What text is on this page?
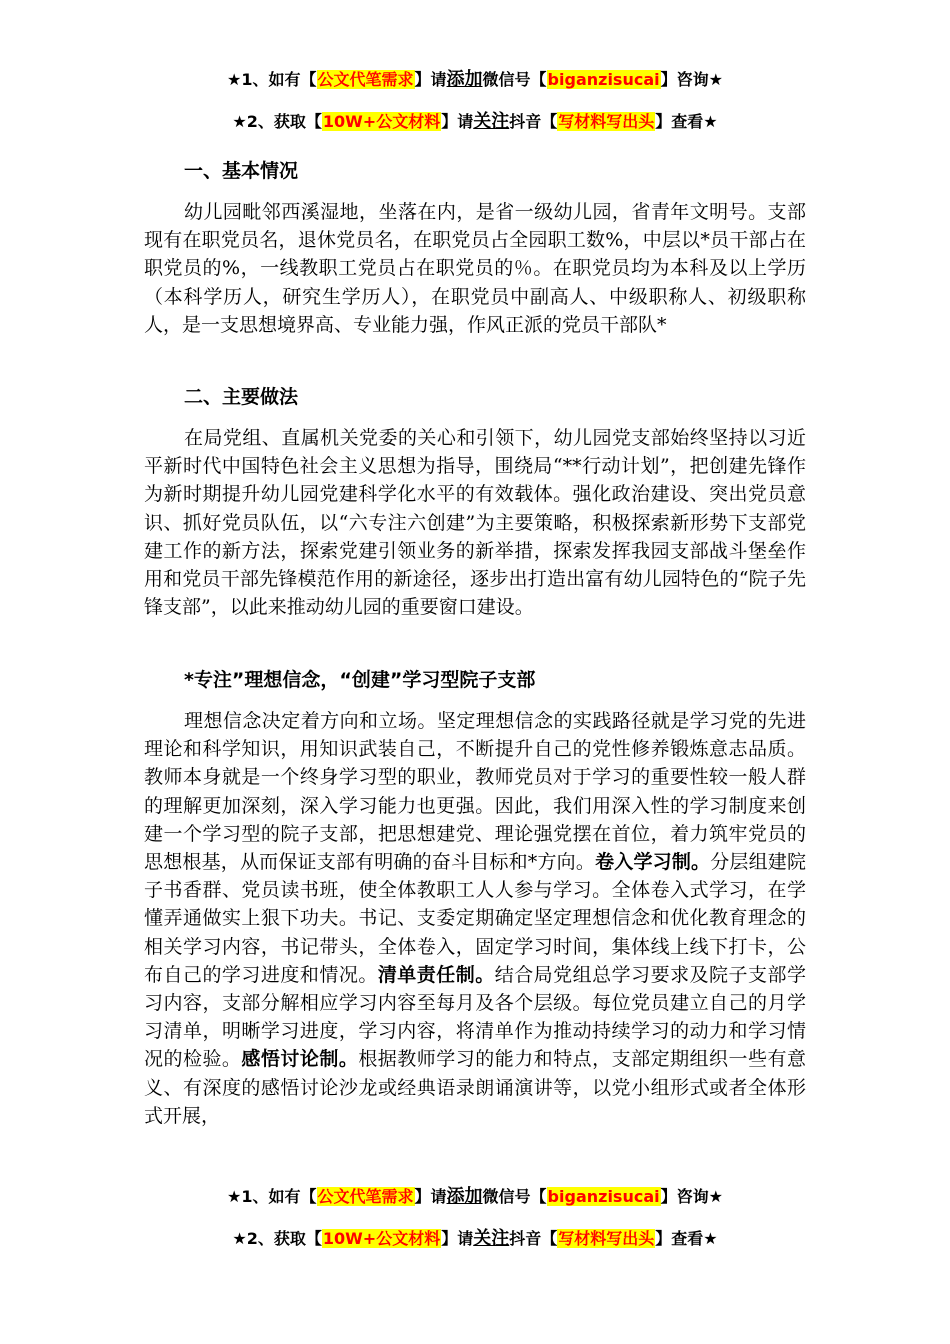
★1、如有【公文代笔需求】请添加微信号【biganzisucai】咨询★
★2、获取【10W+公文材料】请关注抖音【写材料写出头】查看★
一、基本情况
幼儿园毗邻西溪湿地，坐落在内，是省一级幼儿园，省青年文明号。支部现有在职党员名，退休党员名，在职党员占全园职工数%，中层以*员干部占在职党员的%，一线教职工党员占在职党员的％。在职党员均为本科及以上学历（本科学历人，研究生学历人），在职党员中副高人、中级职称人、初级职称人，是一支思想境界高、专业能力强，作风正派的党员干部队*
二、主要做法
在局党组、直属机关党委的关心和引领下，幼儿园党支部始终坚持以习近平新时代中国特色社会主义思想为指导，围绕局“**行动计划”，把创建先锋作为新时期提升幼儿园党建科学化水平的有效载体。强化政治建设、突出党员意识、抓好党员队伍，以“六专注六创建”为主要策略，积极探索新形势下支部党建工作的新方法，探索党建引领业务的新举措，探索发挥我园支部战斗堡垒作用和党员干部先锋模范作用的新途径，逐步出打造出富有幼儿园特色的“院子先锋支部”，以此来推动幼儿园的重要窗口建设。
*专注”理想信念，“创建”学习型院子支部
理想信念决定着方向和立场。坚定理想信念的实践路径就是学习党的先进理论和科学知识，用知识武装自己，不断提升自己的党性修养锻炼意志品质。教师本身就是一个终身学习型的职业，教师党员对于学习的重要性较一般人群的理解更加深刻，深入学习能力也更强。因此，我们用深入性的学习制度来创建一个学习型的院子支部，把思想建党、理论强党摆在首位，着力筑牢党员的思想根基，从而保证支部有明确的奋斗目标和*方向。卷入学习制。分层组建院子书香群、党员读书班，使全体教职工人人参与学习。全体卷入式学习，在学懂弄通做实上狠下功夫。书记、支委定期确定坚定理想信念和优化教育理念的相关学习内容，书记带头，全体卷入，固定学习时间，集体线上线下打卡，公布自己的学习进度和情况。清单责任制。结合局党组总学习要求及院子支部学习内容，支部分解相应学习内容至每月及各个层级。每位党员建立自己的月学习清单，明晰学习进度，学习内容，将清单作为推动持续学习的动力和学习情况的检验。感悟讨论制。根据教师学习的能力和特点，支部定期组织一些有意义、有深度的感悟讨论沙龙或经典语录朗诵演讲等，以党小组形式或者全体形式开展，
★1、如有【公文代笔需求】请添加微信号【biganzisucai】咨询★
★2、获取【10W+公文材料】请关注抖音【写材料写出头】查看★
